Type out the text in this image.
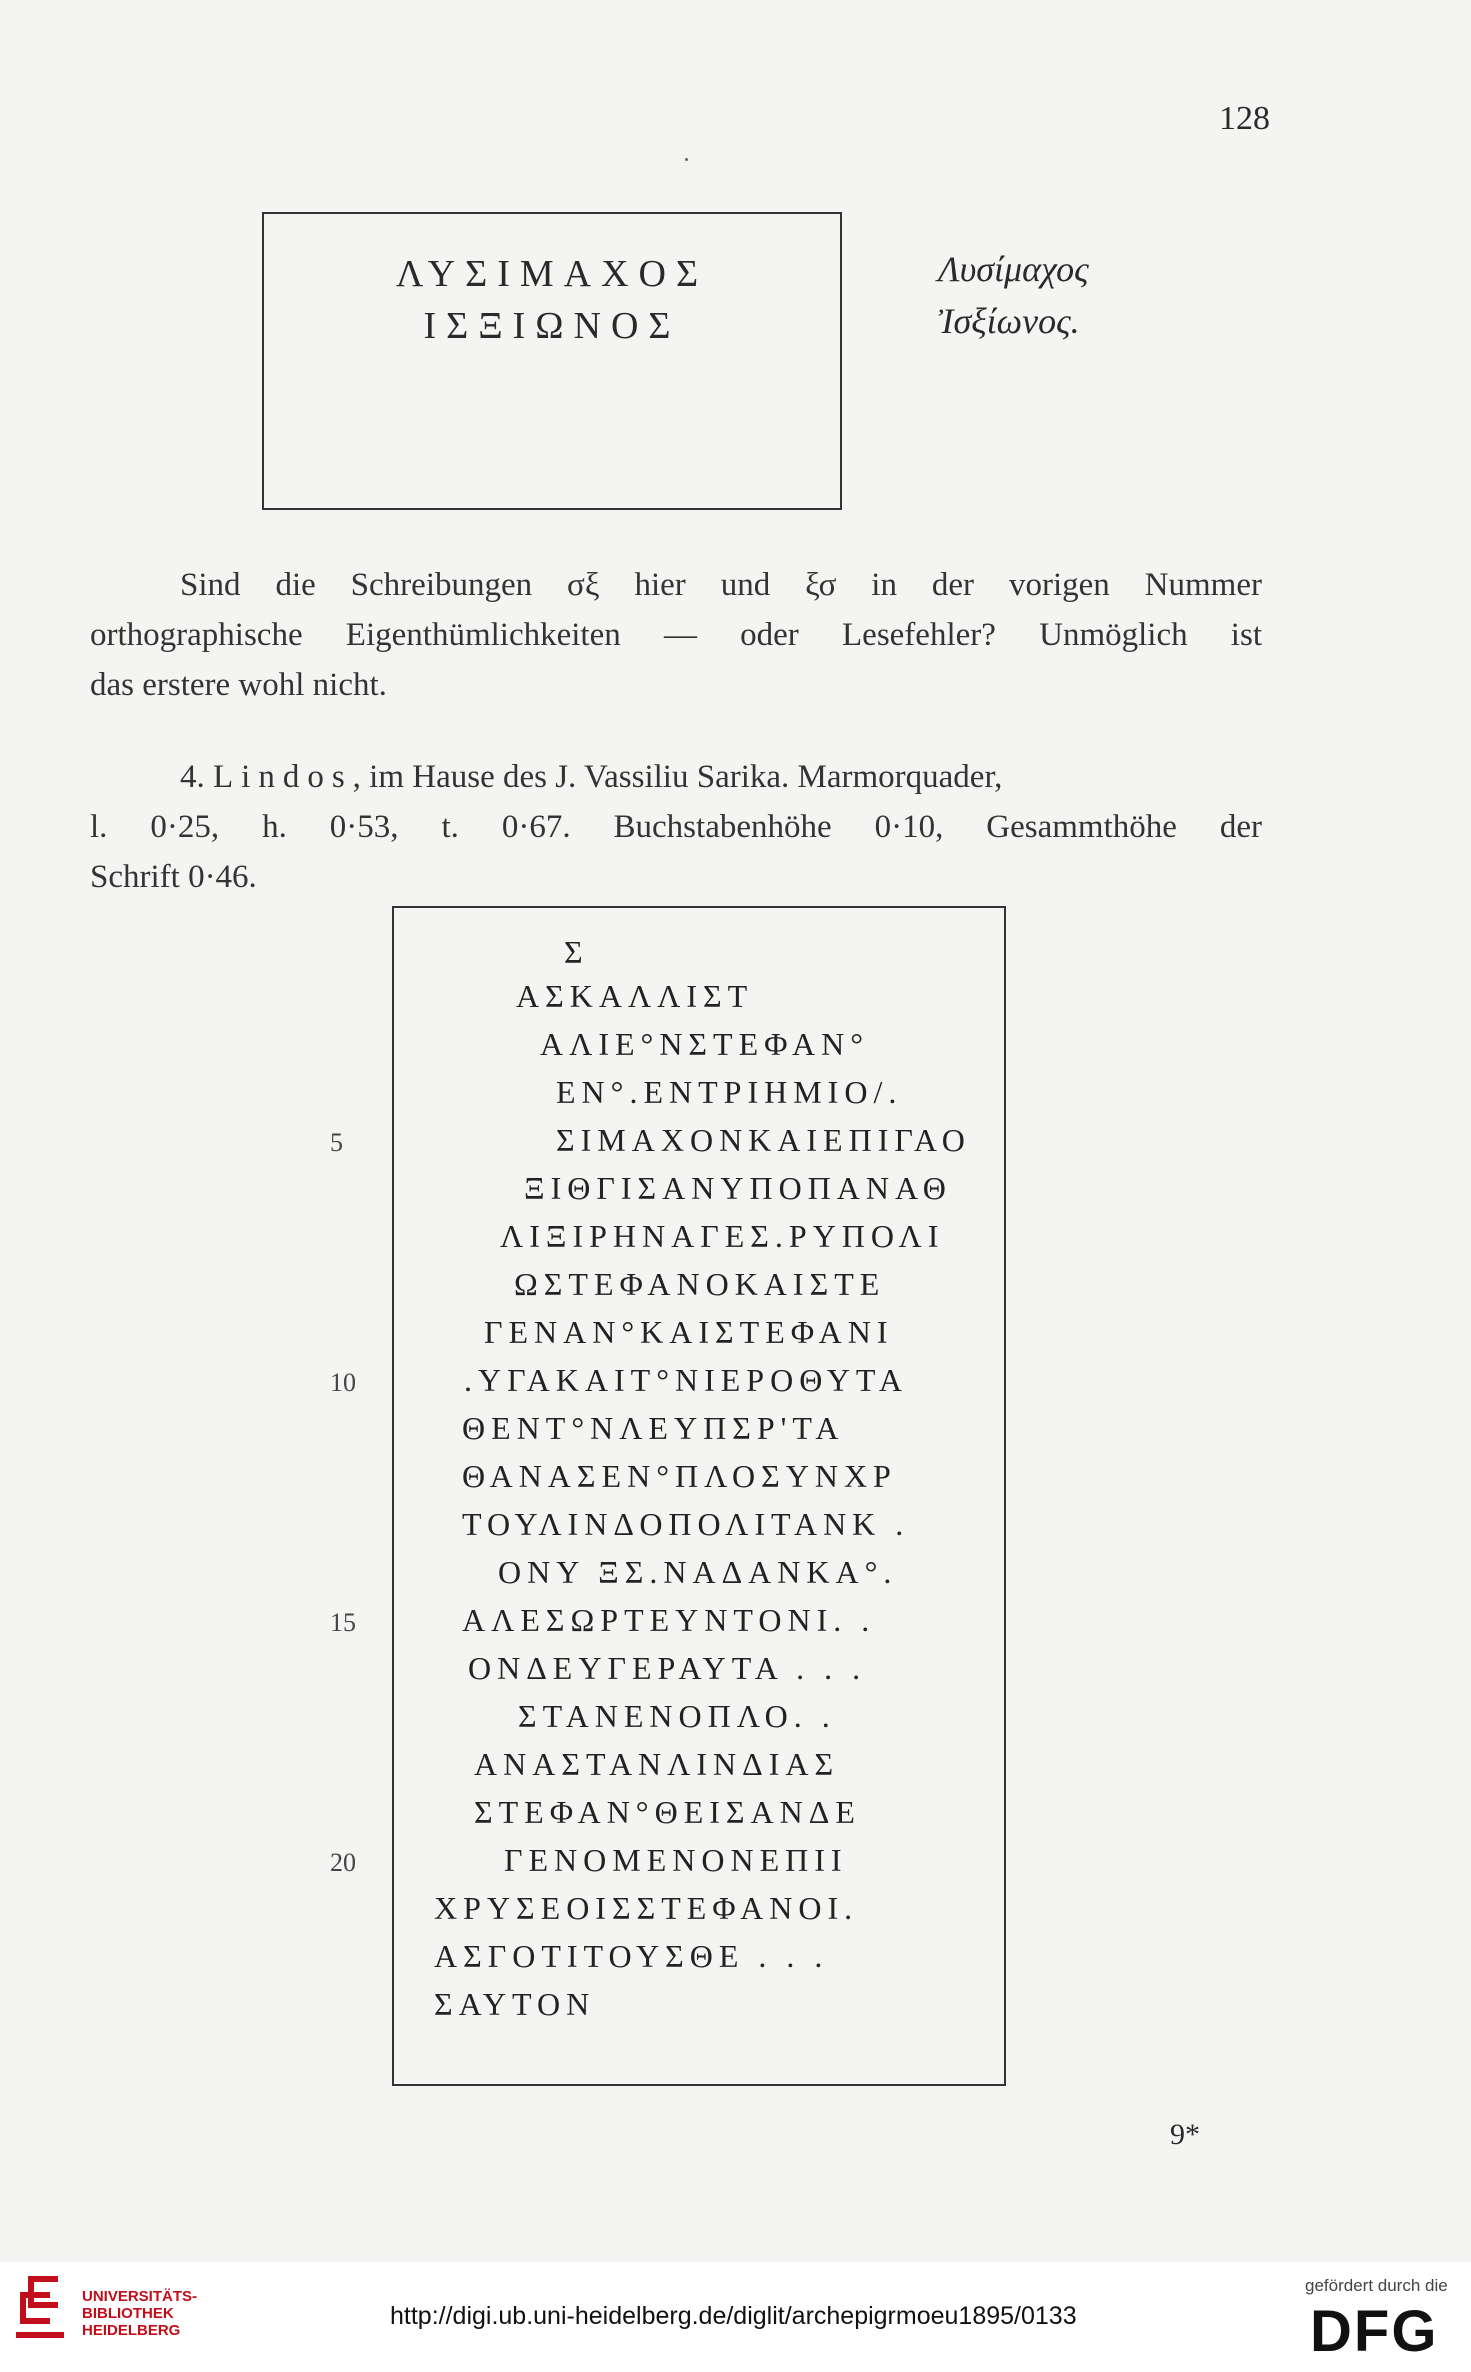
128
ΛΥΣΙΜΑΧΟΣ
ΙΣΞΙΩΝΟΣ
Λυσίμαχος
Ἰσξίωνος.
Sind die Schreibungen σξ hier und ξσ in der vorigen Nummer
orthographische Eigenthümlichkeiten — oder Lesefehler? Unmöglich ist
das erstere wohl nicht.
4. Lindos, im Hause des J. Vassiliu Sarika. Marmorquader,
l. 0·25, h. 0·53, t. 0·67. Buchstabenhöhe 0·10, Gesammthöhe der
Schrift 0·46.
Σ
ΑΣΚΑΛΛΙΣΤ
ΑΛΙΕ°ΝΣΤΕΦΑΝ°
ΕΝ°.ΕΝΤΡΙΗΜΙΟ/.
ΣΙΜΑΧΟΝΚΑΙΕΠΙΓΑΟ
ΞΙΘΓΙΣΑΝΥΠΟΠΑΝΑΘ
ΛΙΞΙΡΗΝΑΓΕΣ.ΡΥΠΟΛΙ
ΩΣΤΕΦΑΝΟΚΑΙΣΤΕ
ΓΕΝΑΝ°ΚΑΙΣΤΕΦΑΝΙ
.ΥΓΑΚΑΙΤ°ΝΙΕΡΟΘΥΤΑ
ΘΕΝΤ°ΝΛΕΥΠΣΡ'ΤΑ
ΘΑΝΑΣΕΝ°ΠΛΟΣΥΝΧΡ
ΤΟΥΛΙΝΔΟΠΟΛΙΤΑΝΚ .
ΟΝΥ ΞΣ.ΝΑΔΑΝΚΑ°.
ΑΛΕΣΩΡΤΕΥΝΤΟΝΙ. .
ΟΝΔΕΥΓΕΡΑΥΤΑ . . .
ΣΤΑΝΕΝΟΠΛΟ. .
ΑΝΑΣΤΑΝΛΙΝΔΙΑΣ
ΣΤΕΦΑΝ°ΘΕΙΣΑΝΔΕ
ΓΕΝΟΜΕΝΟΝΕΠΙΙ
ΧΡΥΣΕΟΙΣΣΤΕΦΑΝΟΙ.
ΑΣΓΟΤΙΤΟΥΣΘΕ . . .
ΣΑΥΤΟΝ
5
10
15
20
9*
UNIVERSITÄTS-
BIBLIOTHEK
HEIDELBERG
http://digi.ub.uni-heidelberg.de/diglit/archepigrmoeu1895/0133
gefördert durch die
DFG
